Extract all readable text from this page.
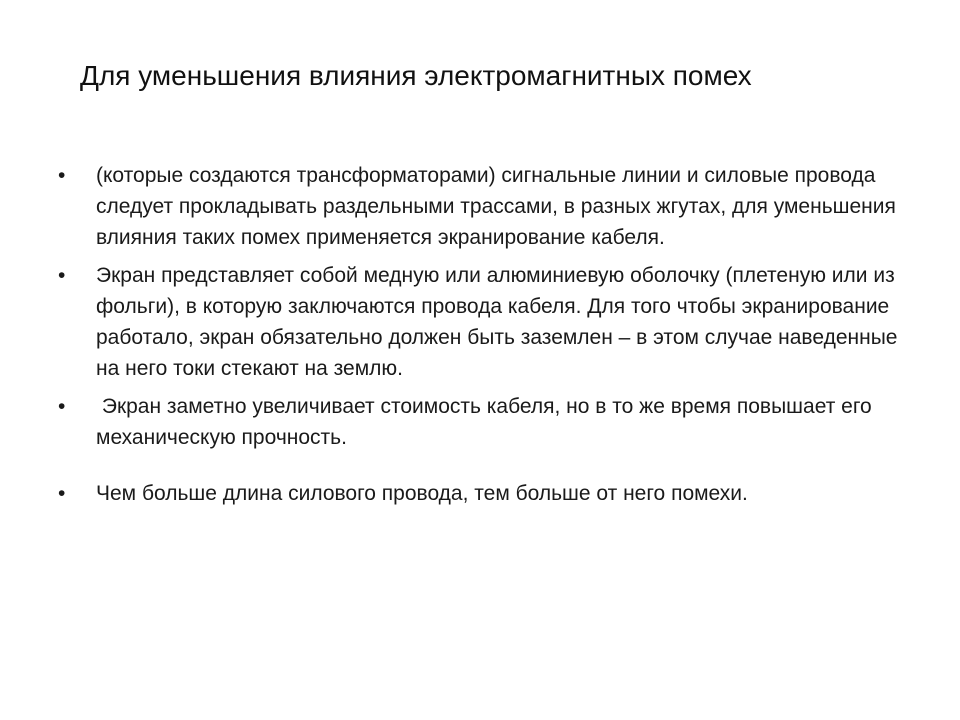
Для уменьшения влияния электромагнитных помех
•	(которые создаются трансформаторами) сигнальные линии и силовые провода следует прокладывать раздельными трассами, в разных жгутах, для уменьшения влияния таких помех применяется экранирование кабеля.
•	Экран представляет собой медную или алюминиевую оболочку (плетеную или из фольги), в которую заключаются провода кабеля. Для того чтобы экранирование работало, экран обязательно должен быть заземлен – в этом случае наведенные на него токи стекают на землю.
•	Экран заметно увеличивает стоимость кабеля, но в то же время повышает его механическую прочность.
•	Чем больше длина силового провода, тем больше от него помехи.
